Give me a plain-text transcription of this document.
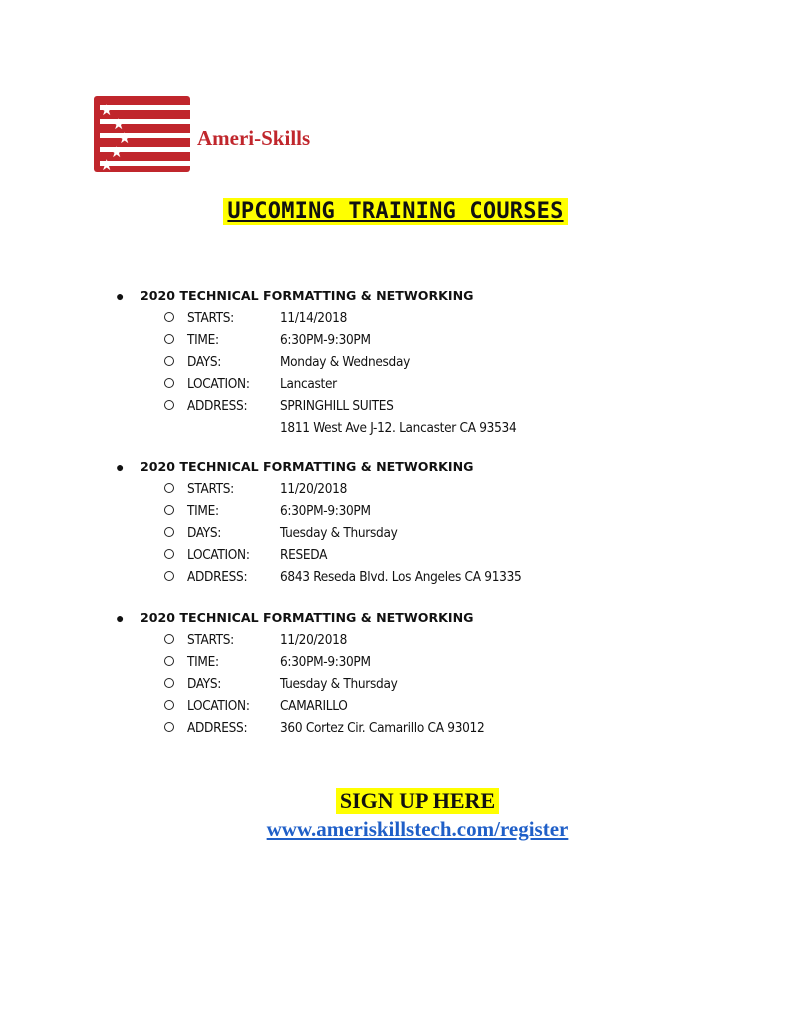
★
★
★
★
★
Ameri-Skills
UPCOMING TRAINING COURSES
● 2020 TECHNICAL FORMATTING & NETWORKING
STARTS:	11/14/2018
TIME:	6:30PM-9:30PM
DAYS:	Monday & Wednesday
LOCATION: Lancaster
ADDRESS: SPRINGHILL SUITES
1811 West Ave J-12. Lancaster CA 93534
● 2020 TECHNICAL FORMATTING & NETWORKING
STARTS:	11/20/2018
TIME:	6:30PM-9:30PM
DAYS:	Tuesday & Thursday
LOCATION: RESEDA
ADDRESS: 6843 Reseda Blvd. Los Angeles CA 91335
● 2020 TECHNICAL FORMATTING & NETWORKING
STARTS:	11/20/2018
TIME:	6:30PM-9:30PM
DAYS:	Tuesday & Thursday
LOCATION: CAMARILLO
ADDRESS: 360 Cortez Cir. Camarillo CA 93012
SIGN UP HERE
www.ameriskillstech.com/register
